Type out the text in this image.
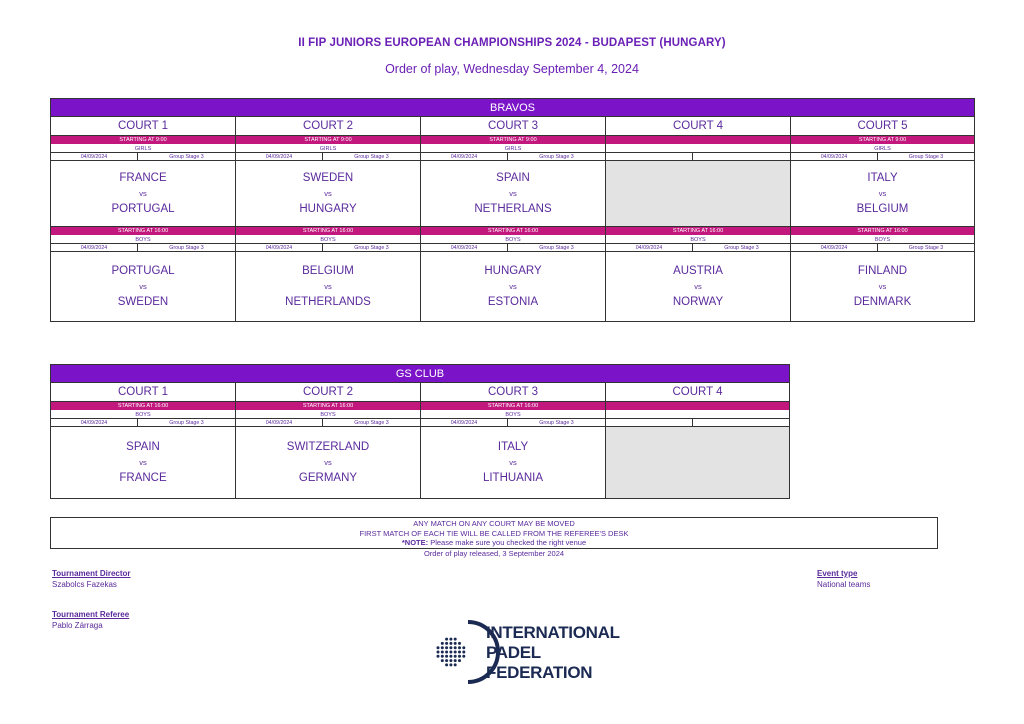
II FIP JUNIORS EUROPEAN CHAMPIONSHIPS 2024 - BUDAPEST (HUNGARY)
Order of play, Wednesday September 4, 2024
BRAVOS
COURT 1
STARTING AT 9:00
GIRLS
04/09/2024	Group Stage 3
FRANCE
vs
PORTUGAL
STARTING AT 16:00
BOYS
04/09/2024	Group Stage 3
PORTUGAL
vs
SWEDEN
COURT 2
STARTING AT 9:00
GIRLS
04/09/2024	Group Stage 3
SWEDEN
vs
HUNGARY
STARTING AT 16:00
BOYS
04/09/2024	Group Stage 3
BELGIUM
vs
NETHERLANDS
COURT 3
STARTING AT 9:00
GIRLS
04/09/2024	Group Stage 3
SPAIN
vs
NETHERLANS
STARTING AT 16:00
BOYS
04/09/2024	Group Stage 3
HUNGARY
vs
ESTONIA
COURT 4
STARTING AT 16:00
BOYS
04/09/2024	Group Stage 3
AUSTRIA
vs
NORWAY
COURT 5
STARTING AT 9:00
GIRLS
04/09/2024	Group Stage 3
ITALY
vs
BELGIUM
STARTING AT 16:00
BOYS
04/09/2024	Group Stage 3
FINLAND
vs
DENMARK
GS CLUB
COURT 1
STARTING AT 16:00
BOYS
04/09/2024	Group Stage 3
SPAIN
vs
FRANCE
COURT 2
STARTING AT 16:00
BOYS
04/09/2024	Group Stage 3
SWITZERLAND
vs
GERMANY
COURT 3
STARTING AT 16:00
BOYS
04/09/2024	Group Stage 3
ITALY
vs
LITHUANIA
COURT 4
ANY MATCH ON ANY COURT MAY BE MOVED
FIRST MATCH OF EACH TIE WILL BE CALLED FROM THE REFEREE'S DESK
*NOTE: Please make sure you checked the right venue
Order of play released, 3 September 2024
Tournament Director
Szabolcs Fazekas
Tournament Referee
Pablo Zárraga
Event type
National teams
INTERNATIONAL
PADEL
FEDERATION
